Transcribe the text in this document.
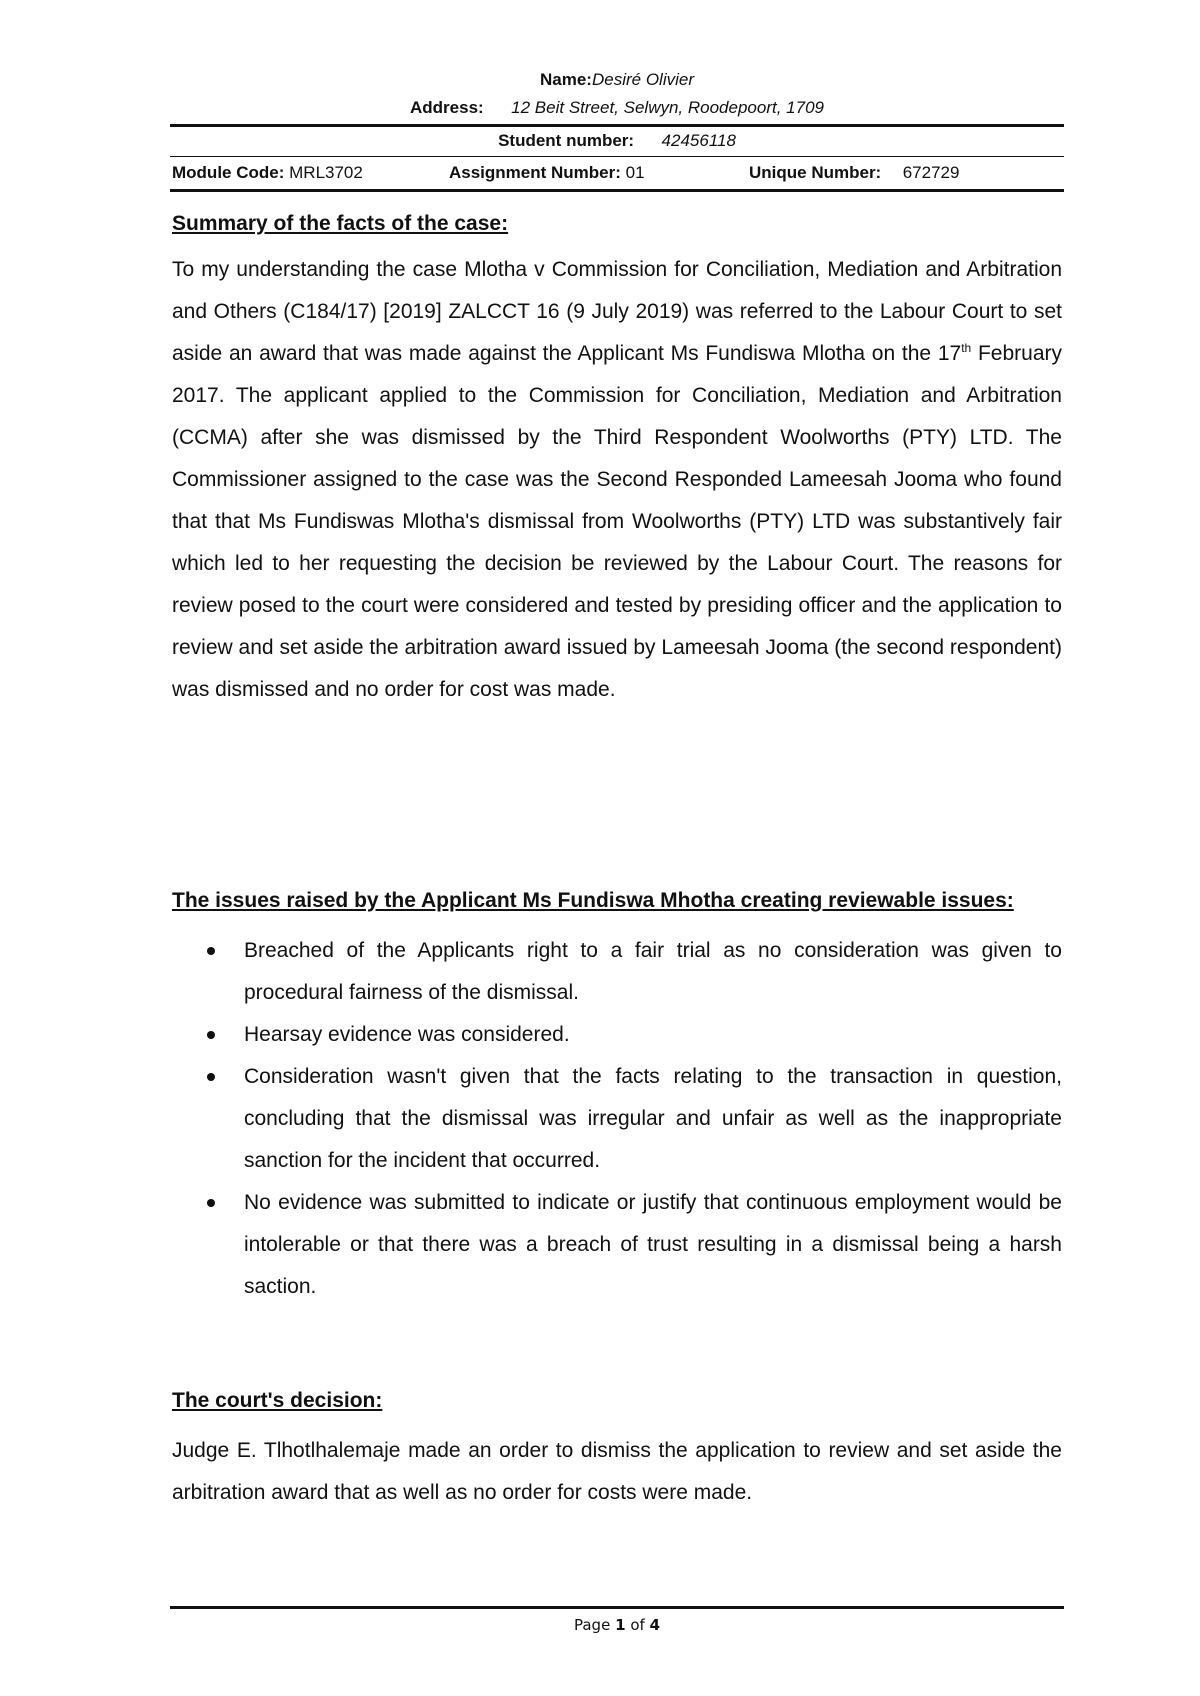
Name:Desiré Olivier
Address: 12 Beit Street, Selwyn, Roodepoort, 1709
Student number: 42456118
Module Code: MRL3702	Assignment Number: 01	Unique Number: 672729
Summary of the facts of the case:

To my understanding the case Mlotha v Commission for Conciliation, Mediation and Arbitration and Others (C184/17) [2019] ZALCCT 16 (9 July 2019) was referred to the Labour Court to set aside an award that was made against the Applicant Ms Fundiswa Mlotha on the 17th February 2017. The applicant applied to the Commission for Conciliation, Mediation and Arbitration (CCMA) after she was dismissed by the Third Respondent Woolworths (PTY) LTD. The Commissioner assigned to the case was the Second Responded Lameesah Jooma who found that that Ms Fundiswas Mlotha's dismissal from Woolworths (PTY) LTD was substantively fair which led to her requesting the decision be reviewed by the Labour Court. The reasons for review posed to the court were considered and tested by presiding officer and the application to review and set aside the arbitration award issued by Lameesah Jooma (the second respondent) was dismissed and no order for cost was made.

The issues raised by the Applicant Ms Fundiswa Mhotha creating reviewable issues:
Breached of the Applicants right to a fair trial as no consideration was given to procedural fairness of the dismissal.
Hearsay evidence was considered.
Consideration wasn't given that the facts relating to the transaction in question, concluding that the dismissal was irregular and unfair as well as the inappropriate sanction for the incident that occurred.
No evidence was submitted to indicate or justify that continuous employment would be intolerable or that there was a breach of trust resulting in a dismissal being a harsh saction.
The court's decision:

Judge E. Tlhotlhalemaje made an order to dismiss the application to review and set aside the arbitration award that as well as no order for costs were made.

Page 1 of 4
